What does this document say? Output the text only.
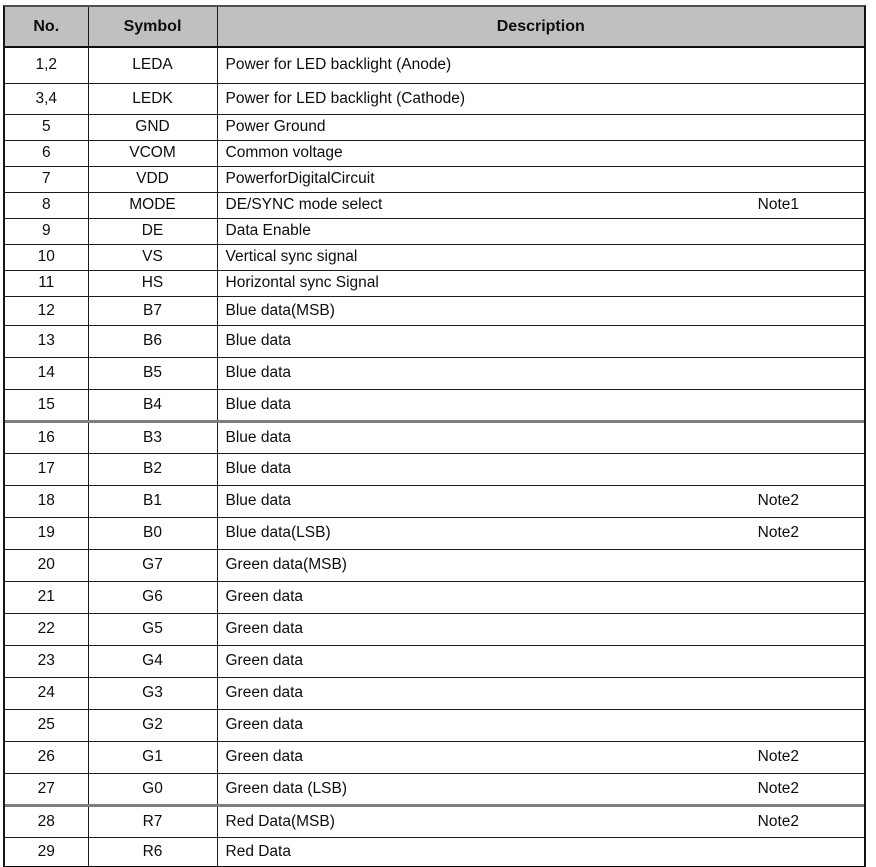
No.	Symbol	Description
1,2	LEDA	Power for LED backlight (Anode)

3,4	LEDK	Power for LED backlight (Cathode)

5	GND	Power Ground

6	VCOM	Common voltage

7	VDD	PowerforDigitalCircuit

8	MODE	DE/SYNC mode select Note1

9	DE	Data Enable

10	VS	Vertical sync signal

11	HS	Horizontal sync Signal

12	B7	Blue data(MSB)

13	B6	Blue data

14	B5	Blue data

15	B4	Blue data

16	B3	Blue data

17	B2	Blue data

18	B1	Blue data Note2

19	B0	Blue data(LSB) Note2

20	G7	Green data(MSB)

21	G6	Green data

22	G5	Green data

23	G4	Green data

24	G3	Green data

25	G2	Green data

26	G1	Green data Note2

27	G0	Green data (LSB) Note2

28	R7	Red Data(MSB) Note2

29	R6	Red Data
